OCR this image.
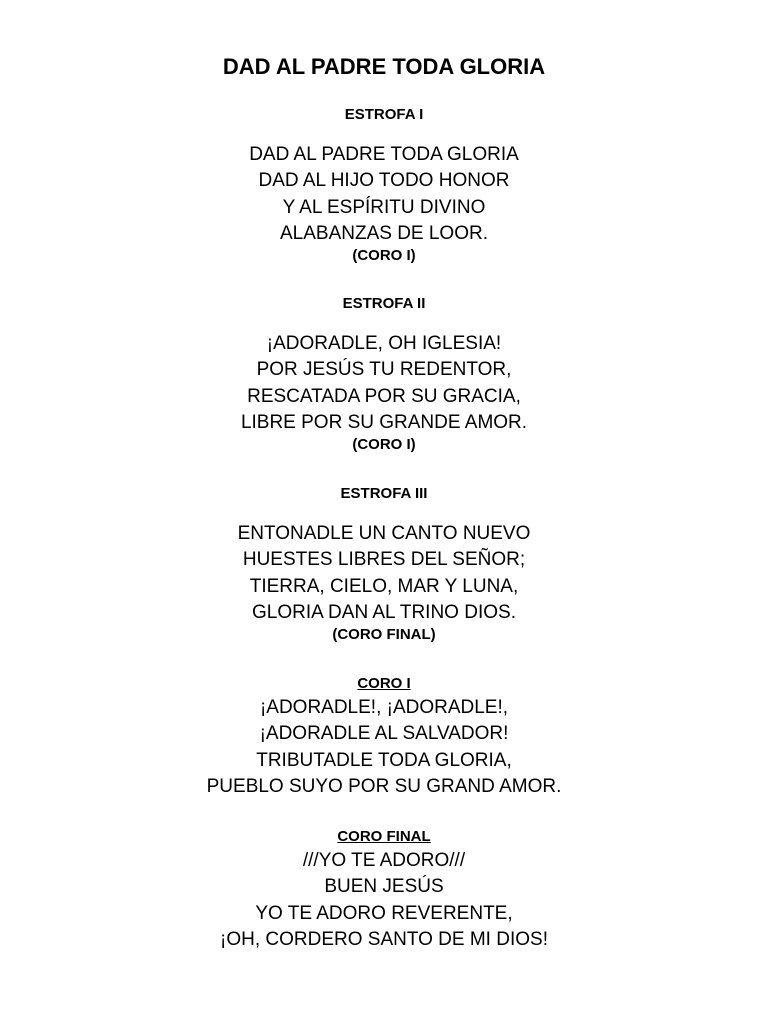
DAD AL PADRE TODA GLORIA

ESTROFA I

DAD AL PADRE TODA GLORIA
DAD AL HIJO TODO HONOR
Y AL ESPÍRITU DIVINO
ALABANZAS DE LOOR.

(CORO I)

ESTROFA II

¡ADORADLE, OH IGLESIA!
POR JESÚS TU REDENTOR,
RESCATADA POR SU GRACIA,
LIBRE POR SU GRANDE AMOR.

(CORO I)

ESTROFA III

ENTONADLE UN CANTO NUEVO
HUESTES LIBRES DEL SEÑOR;
TIERRA, CIELO, MAR Y LUNA,
GLORIA DAN AL TRINO DIOS.

(CORO FINAL)

CORO I

¡ADORADLE!, ¡ADORADLE!,
¡ADORADLE AL SALVADOR!
TRIBUTADLE TODA GLORIA,
PUEBLO SUYO POR SU GRAND AMOR.

CORO FINAL

///YO TE ADORO///
BUEN JESÚS
YO TE ADORO REVERENTE,
¡OH, CORDERO SANTO DE MI DIOS!
